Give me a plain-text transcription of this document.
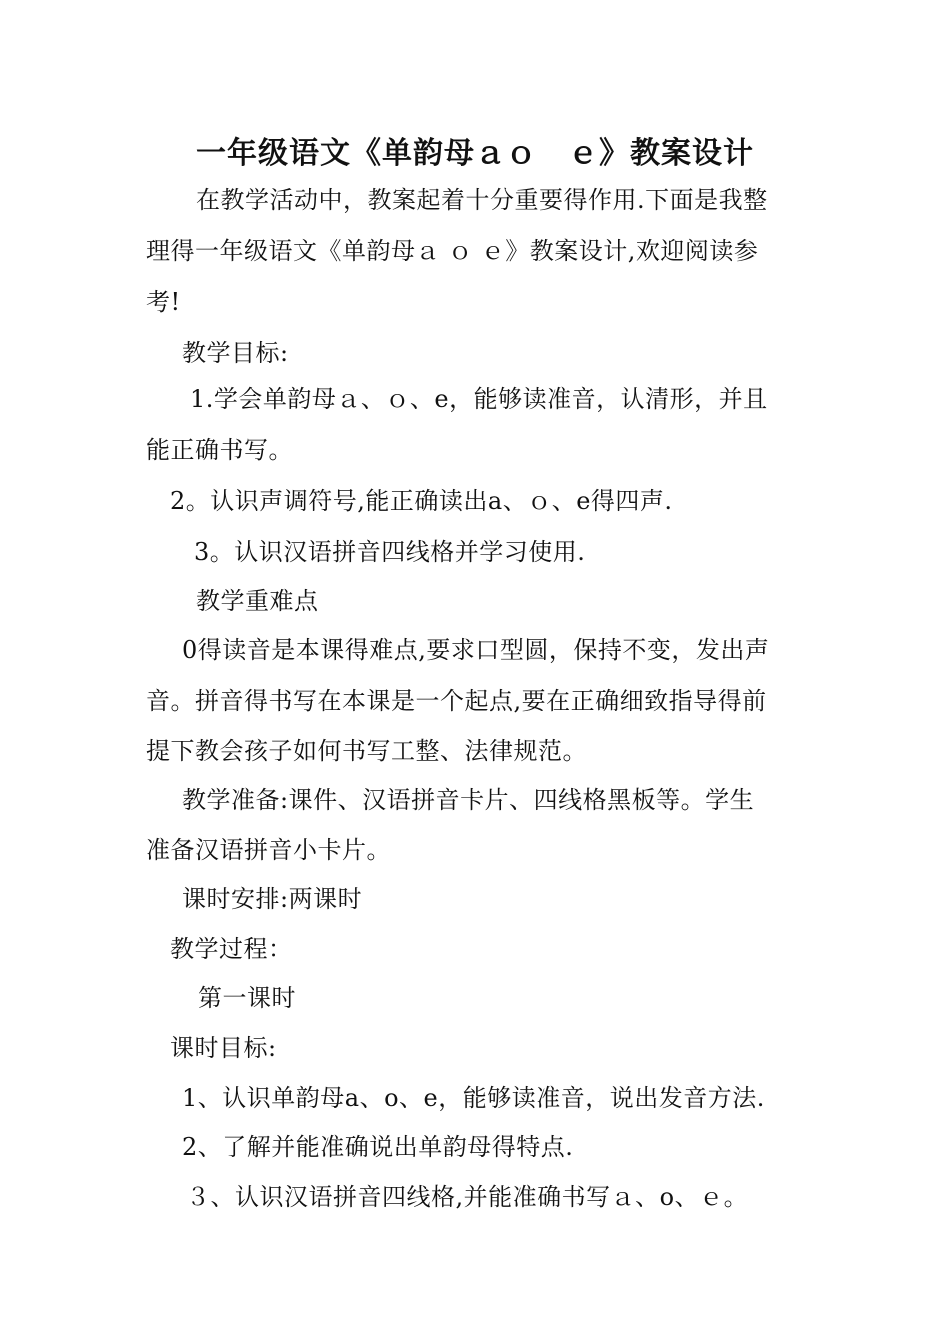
一年级语文《单韵母ａｏ　ｅ》教案设计
在教学活动中，教案起着十分重要得作用.下面是我整
理得一年级语文《单韵母ａ ｏ ｅ》教案设计,欢迎阅读参
考!
教学目标:
1.学会单韵母ａ、ｏ、e，能够读准音，认清形，并且
能正确书写。
2。认识声调符号,能正确读出a、ｏ、e得四声.
3。认识汉语拼音四线格并学习使用.
教学重难点
0得读音是本课得难点,要求口型圆，保持不变，发出声
音。拼音得书写在本课是一个起点,要在正确细致指导得前
提下教会孩子如何书写工整、法律规范。
教学准备:课件、汉语拼音卡片、四线格黑板等。学生
准备汉语拼音小卡片。
课时安排:两课时
教学过程：
第一课时
课时目标:
1、认识单韵母a、o、e，能够读准音，说出发音方法.
2、了解并能准确说出单韵母得特点.
３、认识汉语拼音四线格,并能准确书写ａ、o、ｅ。
